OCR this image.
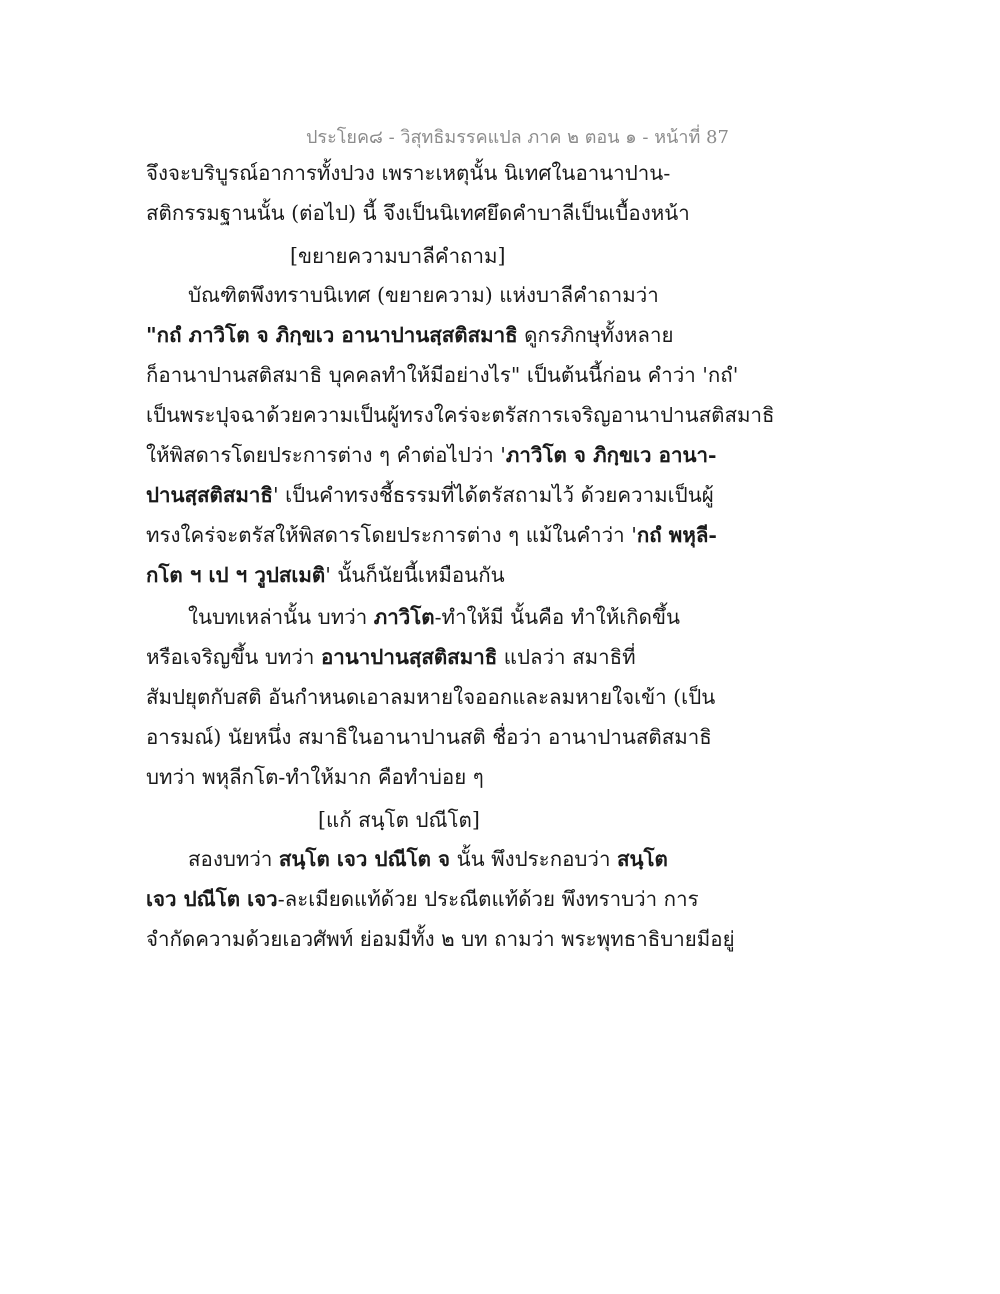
ประโยค๘ - วิสุทธิมรรคแปล ภาค ๒ ตอน ๑ - หน้าที่ 87
จึงจะบริบูรณ์อาการทั้งปวง เพราะเหตุนั้น นิเทศในอานาปาน-
สติกรรมฐานนั้น (ต่อไป) นี้ จึงเป็นนิเทศยึดคำบาลีเป็นเบื้องหน้า
[ขยายความบาลีคำถาม]
บัณฑิตพึงทราบนิเทศ (ขยายความ) แห่งบาลีคำถามว่า
"กถํ ภาวิโต จ ภิกฺขเว อานาปานสฺสติสมาธิ ดูกรภิกษุทั้งหลาย
ก็อานาปานสติสมาธิ บุคคลทำให้มีอย่างไร" เป็นต้นนี้ก่อน คำว่า 'กถํ'
เป็นพระปุจฉาด้วยความเป็นผู้ทรงใคร่จะตรัสการเจริญอานาปานสติสมาธิ
ให้พิสดารโดยประการต่าง ๆ คำต่อไปว่า 'ภาวิโต จ ภิกฺขเว อานา-
ปานสฺสติสมาธิ' เป็นคำทรงชี้ธรรมที่ได้ตรัสถามไว้ ด้วยความเป็นผู้
ทรงใคร่จะตรัสให้พิสดารโดยประการต่าง ๆ แม้ในคำว่า 'กถํ พหุลี-
กโต ฯ เป ฯ วูปสเมติ' นั้นก็นัยนี้เหมือนกัน
ในบทเหล่านั้น บทว่า ภาวิโต-ทำให้มี นั้นคือ ทำให้เกิดขึ้น
หรือเจริญขึ้น บทว่า อานาปานสฺสติสมาธิ แปลว่า สมาธิที่
สัมปยุตกับสติ อันกำหนดเอาลมหายใจออกและลมหายใจเข้า (เป็น
อารมณ์) นัยหนึ่ง สมาธิในอานาปานสติ ชื่อว่า อานาปานสติสมาธิ
บทว่า พหุลีกโต-ทำให้มาก คือทำบ่อย ๆ
[แก้ สนฺโต ปณีโต]
สองบทว่า สนฺโต เจว ปณีโต จ นั้น พึงประกอบว่า สนฺโต
เจว ปณีโต เจว-ละเมียดแท้ด้วย ประณีตแท้ด้วย พึงทราบว่า การ
จำกัดความด้วยเอวศัพท์ ย่อมมีทั้ง ๒ บท ถามว่า พระพุทธาธิบายมีอยู่
